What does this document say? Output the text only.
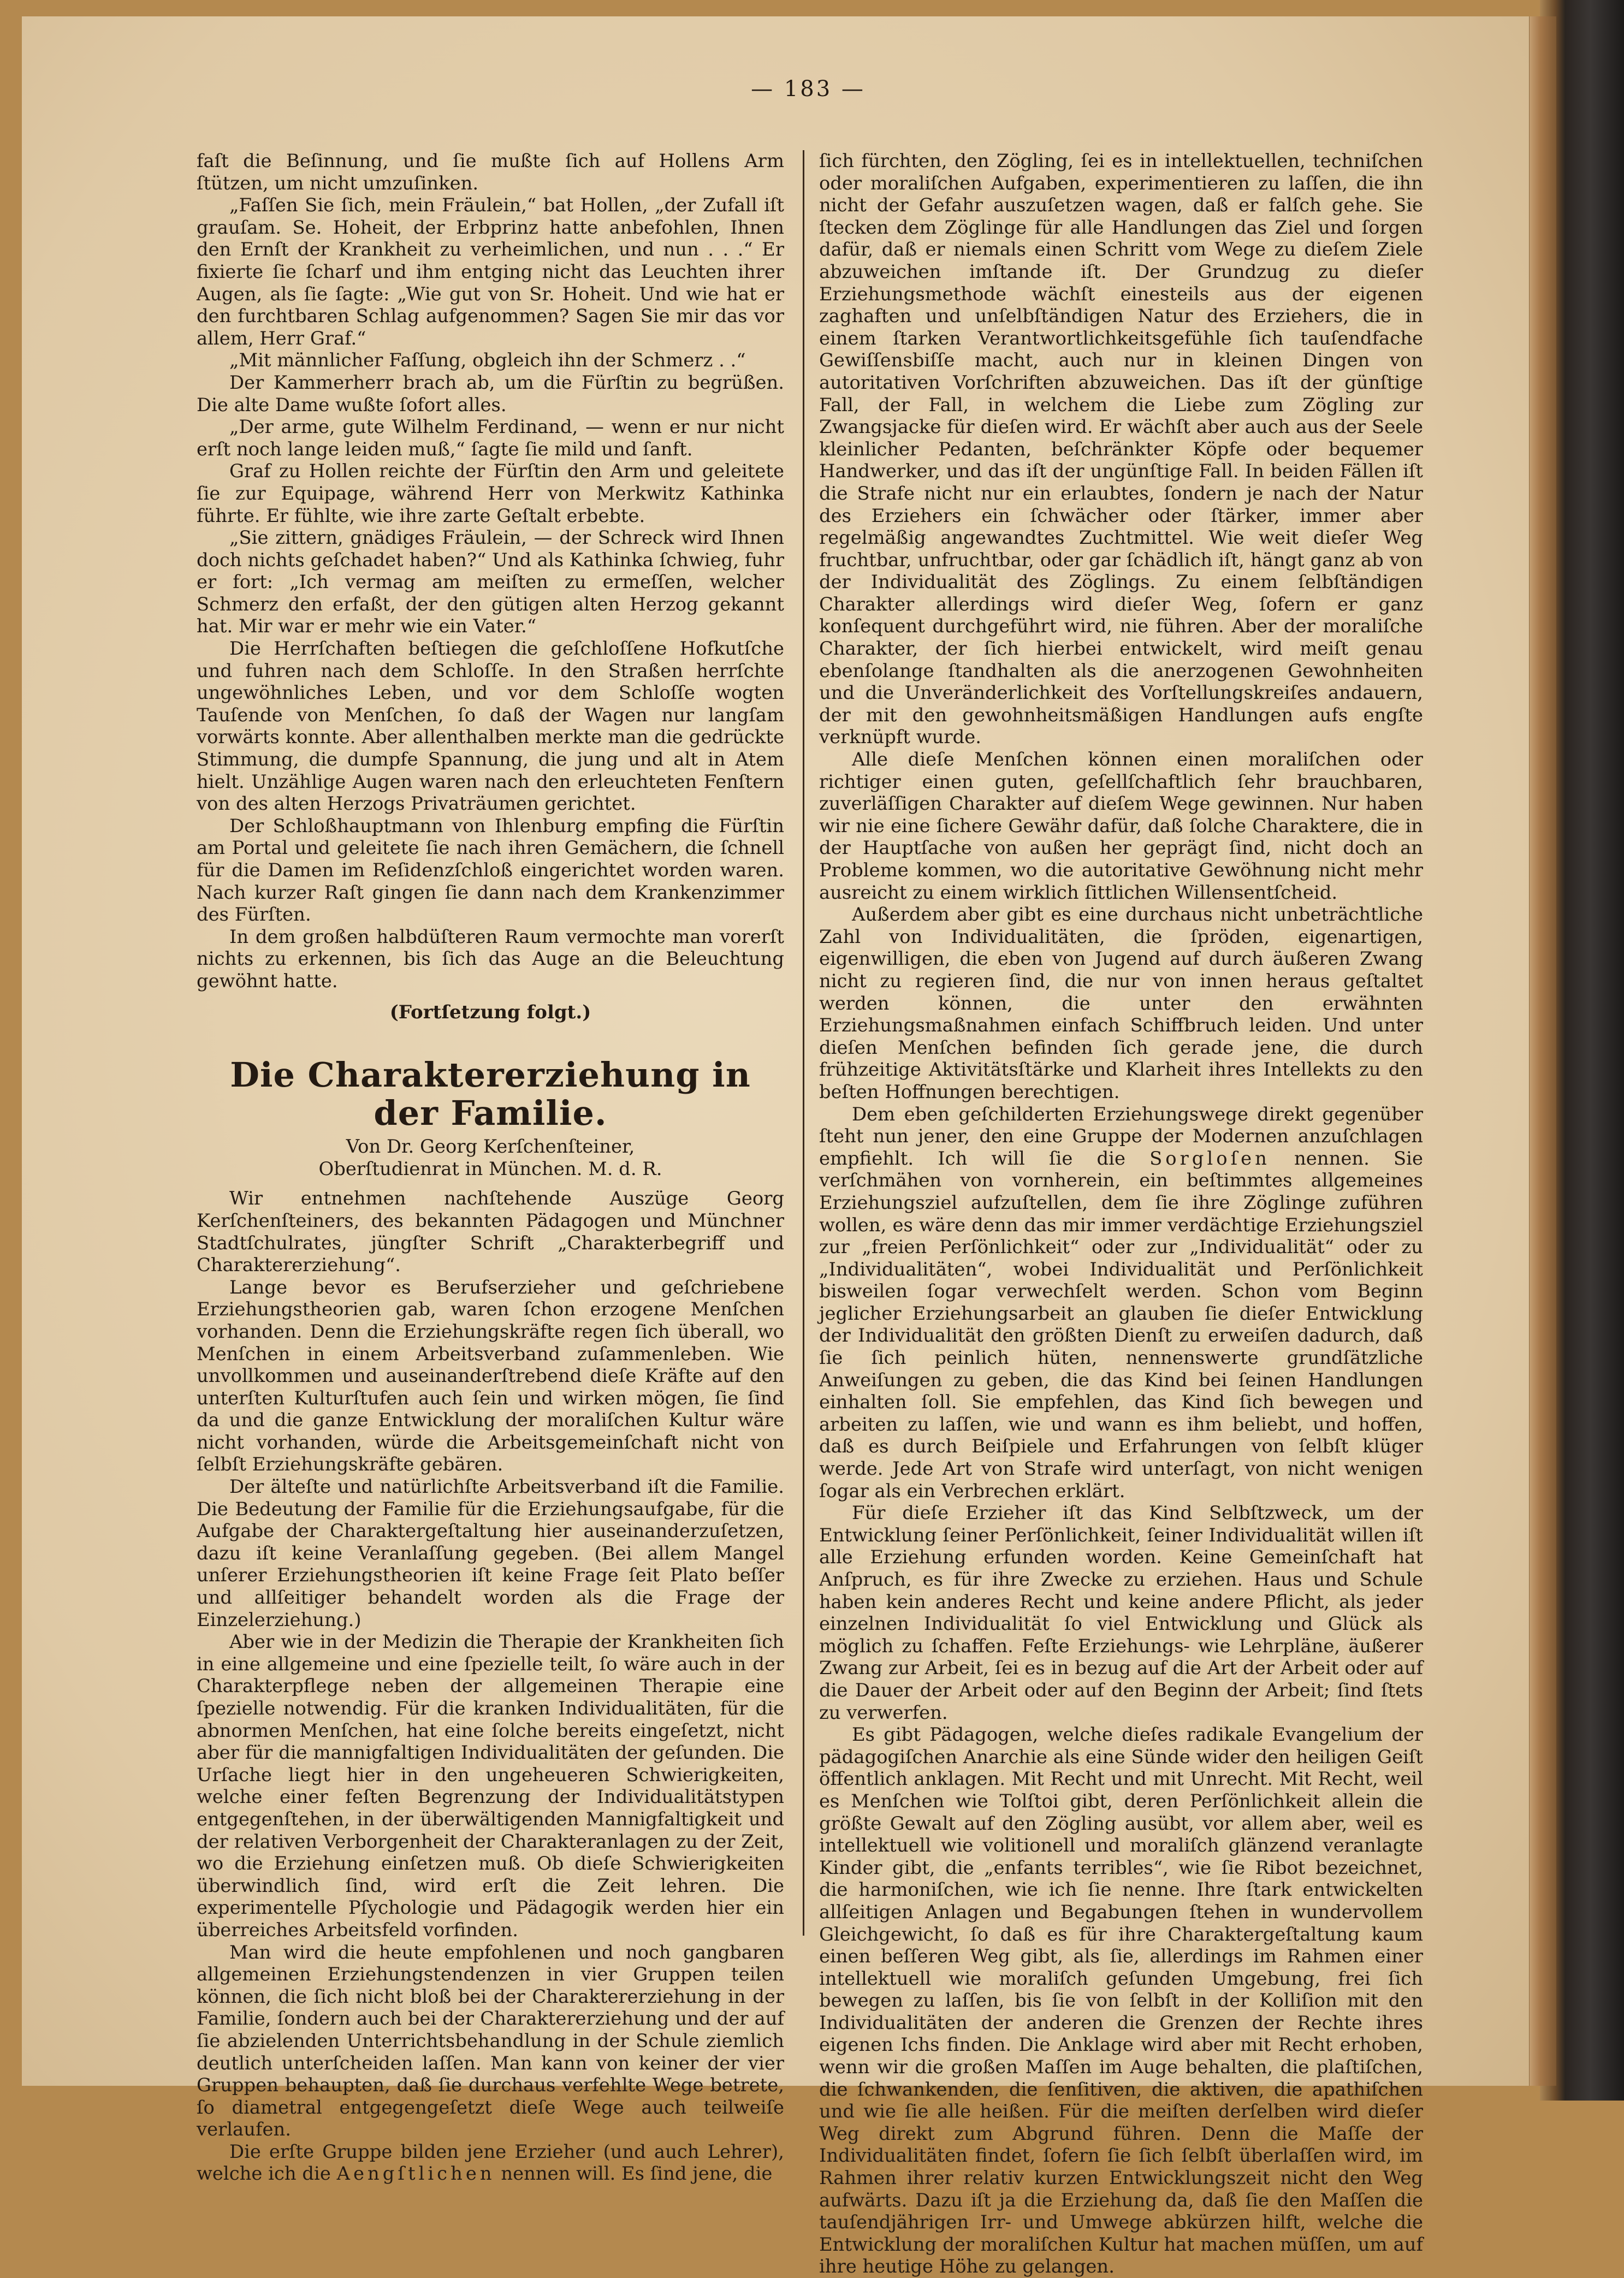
— 183 —

faſt die Beſinnung, und ſie mußte ſich auf Hollens Arm ſtützen, um nicht umzuſinken.

„Faſſen Sie ſich, mein Fräulein,“ bat Hollen, „der Zufall iſt grauſam. Se. Hoheit, der Erbprinz hatte anbefohlen, Ihnen den Ernſt der Krankheit zu verheimlichen, und nun . . .“ Er fixierte ſie ſcharf und ihm entging nicht das Leuchten ihrer Augen, als ſie ſagte: „Wie gut von Sr. Hoheit. Und wie hat er den furchtbaren Schlag aufgenommen? Sagen Sie mir das vor allem, Herr Graf.“

„Mit männlicher Faſſung, obgleich ihn der Schmerz . .“

Der Kammerherr brach ab, um die Fürſtin zu begrüßen. Die alte Dame wußte ſofort alles.

„Der arme, gute Wilhelm Ferdinand, — wenn er nur nicht erſt noch lange leiden muß,“ ſagte ſie mild und ſanft.

Graf zu Hollen reichte der Fürſtin den Arm und geleitete ſie zur Equipage, während Herr von Merkwitz Kathinka führte. Er fühlte, wie ihre zarte Geſtalt erbebte.

„Sie zittern, gnädiges Fräulein, — der Schreck wird Ihnen doch nichts geſchadet haben?“ Und als Kathinka ſchwieg, fuhr er fort: „Ich vermag am meiſten zu ermeſſen, welcher Schmerz den erfaßt, der den gütigen alten Herzog gekannt hat. Mir war er mehr wie ein Vater.“

Die Herrſchaften beſtiegen die geſchloſſene Hofkutſche und fuhren nach dem Schloſſe. In den Straßen herrſchte ungewöhnliches Leben, und vor dem Schloſſe wogten Tauſende von Menſchen, ſo daß der Wagen nur langſam vorwärts konnte. Aber allenthalben merkte man die gedrückte Stimmung, die dumpfe Spannung, die jung und alt in Atem hielt. Unzählige Augen waren nach den erleuchteten Fenſtern von des alten Herzogs Privaträumen gerichtet.

Der Schloßhauptmann von Ihlenburg empfing die Fürſtin am Portal und geleitete ſie nach ihren Gemächern, die ſchnell für die Damen im Reſidenzſchloß eingerichtet worden waren. Nach kurzer Raſt gingen ſie dann nach dem Krankenzimmer des Fürſten.

In dem großen halbdüſteren Raum vermochte man vorerſt nichts zu erkennen, bis ſich das Auge an die Beleuchtung gewöhnt hatte.

(Fortſetzung folgt.)

Die Charaktererziehung in der Familie.

Von Dr. Georg Kerſchenſteiner,

Oberſtudienrat in München. M. d. R.

Wir entnehmen nachſtehende Auszüge Georg Kerſchenſteiners, des bekannten Pädagogen und Münchner Stadtſchulrates, jüngſter Schrift „Charakterbegriff und Charaktererziehung“.

Lange bevor es Berufserzieher und geſchriebene Erziehungstheorien gab, waren ſchon erzogene Menſchen vorhanden. Denn die Erziehungskräfte regen ſich überall, wo Menſchen in einem Arbeitsverband zuſammenleben. Wie unvollkommen und auseinanderſtrebend dieſe Kräfte auf den unterſten Kulturſtufen auch ſein und wirken mögen, ſie ſind da und die ganze Entwicklung der moraliſchen Kultur wäre nicht vorhanden, würde die Arbeitsgemeinſchaft nicht von ſelbſt Erziehungskräfte gebären.

Der älteſte und natürlichſte Arbeitsverband iſt die Familie. Die Bedeutung der Familie für die Erziehungsaufgabe, für die Aufgabe der Charaktergeſtaltung hier auseinanderzuſetzen, dazu iſt keine Veranlaſſung gegeben. (Bei allem Mangel unſerer Erziehungstheorien iſt keine Frage ſeit Plato beſſer und allſeitiger behandelt worden als die Frage der Einzelerziehung.)

Aber wie in der Medizin die Therapie der Krankheiten ſich in eine allgemeine und eine ſpezielle teilt, ſo wäre auch in der Charakterpflege neben der allgemeinen Therapie eine ſpezielle notwendig. Für die kranken Individualitäten, für die abnormen Menſchen, hat eine ſolche bereits eingeſetzt, nicht aber für die mannigfaltigen Individualitäten der geſunden. Die Urſache liegt hier in den ungeheueren Schwierigkeiten, welche einer feſten Begrenzung der Individualitätstypen entgegenſtehen, in der überwältigenden Mannigfaltigkeit und der relativen Verborgenheit der Charakteranlagen zu der Zeit, wo die Erziehung einſetzen muß. Ob dieſe Schwierigkeiten überwindlich ſind, wird erſt die Zeit lehren. Die experimentelle Pſychologie und Pädagogik werden hier ein überreiches Arbeitsfeld vorfinden.

Man wird die heute empfohlenen und noch gangbaren allgemeinen Erziehungstendenzen in vier Gruppen teilen können, die ſich nicht bloß bei der Charaktererziehung in der Familie, ſondern auch bei der Charaktererziehung und der auf ſie abzielenden Unterrichtsbehandlung in der Schule ziemlich deutlich unterſcheiden laſſen. Man kann von keiner der vier Gruppen behaupten, daß ſie durchaus verfehlte Wege betrete, ſo diametral entgegengeſetzt dieſe Wege auch teilweiſe verlaufen.

Die erſte Gruppe bilden jene Erzieher (und auch Lehrer), welche ich die Aengſtlichen nennen will. Es ſind jene, die

ſich fürchten, den Zögling, ſei es in intellektuellen, techniſchen oder moraliſchen Aufgaben, experimentieren zu laſſen, die ihn nicht der Gefahr auszuſetzen wagen, daß er falſch gehe. Sie ſtecken dem Zöglinge für alle Handlungen das Ziel und ſorgen dafür, daß er niemals einen Schritt vom Wege zu dieſem Ziele abzuweichen imſtande iſt. Der Grundzug zu dieſer Erziehungsmethode wächſt einesteils aus der eigenen zaghaften und unſelbſtändigen Natur des Erziehers, die in einem ſtarken Verantwortlichkeitsgefühle ſich tauſendfache Gewiſſensbiſſe macht, auch nur in kleinen Dingen von autoritativen Vorſchriften abzuweichen. Das iſt der günſtige Fall, der Fall, in welchem die Liebe zum Zögling zur Zwangsjacke für dieſen wird. Er wächſt aber auch aus der Seele kleinlicher Pedanten, beſchränkter Köpfe oder bequemer Handwerker, und das iſt der ungünſtige Fall. In beiden Fällen iſt die Strafe nicht nur ein erlaubtes, ſondern je nach der Natur des Erziehers ein ſchwächer oder ſtärker, immer aber regelmäßig angewandtes Zuchtmittel. Wie weit dieſer Weg fruchtbar, unfruchtbar, oder gar ſchädlich iſt, hängt ganz ab von der Individualität des Zöglings. Zu einem ſelbſtändigen Charakter allerdings wird dieſer Weg, ſofern er ganz konſequent durchgeführt wird, nie führen. Aber der moraliſche Charakter, der ſich hierbei entwickelt, wird meiſt genau ebenſolange ſtandhalten als die anerzogenen Gewohnheiten und die Unveränderlichkeit des Vorſtellungskreiſes andauern, der mit den gewohnheitsmäßigen Handlungen aufs engſte verknüpft wurde.

Alle dieſe Menſchen können einen moraliſchen oder richtiger einen guten, geſellſchaftlich ſehr brauchbaren, zuverläſſigen Charakter auf dieſem Wege gewinnen. Nur haben wir nie eine ſichere Gewähr dafür, daß ſolche Charaktere, die in der Hauptſache von außen her geprägt ſind, nicht doch an Probleme kommen, wo die autoritative Gewöhnung nicht mehr ausreicht zu einem wirklich ſittlichen Willensentſcheid.

Außerdem aber gibt es eine durchaus nicht unbeträchtliche Zahl von Individualitäten, die ſpröden, eigenartigen, eigenwilligen, die eben von Jugend auf durch äußeren Zwang nicht zu regieren ſind, die nur von innen heraus geſtaltet werden können, die unter den erwähnten Erziehungsmaßnahmen einfach Schiffbruch leiden. Und unter dieſen Menſchen befinden ſich gerade jene, die durch frühzeitige Aktivitätsſtärke und Klarheit ihres Intellekts zu den beſten Hoffnungen berechtigen.

Dem eben geſchilderten Erziehungswege direkt gegenüber ſteht nun jener, den eine Gruppe der Modernen anzuſchlagen empfiehlt. Ich will ſie die Sorgloſen nennen. Sie verſchmähen von vornherein, ein beſtimmtes allgemeines Erziehungsziel aufzuſtellen, dem ſie ihre Zöglinge zuführen wollen, es wäre denn das mir immer verdächtige Erziehungsziel zur „freien Perſönlichkeit“ oder zur „Individualität“ oder zu „Individualitäten“, wobei Individualität und Perſönlichkeit bisweilen ſogar verwechſelt werden. Schon vom Beginn jeglicher Erziehungsarbeit an glauben ſie dieſer Entwicklung der Individualität den größten Dienſt zu erweiſen dadurch, daß ſie ſich peinlich hüten, nennenswerte grundſätzliche Anweiſungen zu geben, die das Kind bei ſeinen Handlungen einhalten ſoll. Sie empfehlen, das Kind ſich bewegen und arbeiten zu laſſen, wie und wann es ihm beliebt, und hoffen, daß es durch Beiſpiele und Erfahrungen von ſelbſt klüger werde. Jede Art von Strafe wird unterſagt, von nicht wenigen ſogar als ein Verbrechen erklärt.

Für dieſe Erzieher iſt das Kind Selbſtzweck, um der Entwicklung ſeiner Perſönlichkeit, ſeiner Individualität willen iſt alle Erziehung erfunden worden. Keine Gemeinſchaft hat Anſpruch, es für ihre Zwecke zu erziehen. Haus und Schule haben kein anderes Recht und keine andere Pflicht, als jeder einzelnen Individualität ſo viel Entwicklung und Glück als möglich zu ſchaffen. Feſte Erziehungs- wie Lehrpläne, äußerer Zwang zur Arbeit, ſei es in bezug auf die Art der Arbeit oder auf die Dauer der Arbeit oder auf den Beginn der Arbeit; ſind ſtets zu verwerfen.

Es gibt Pädagogen, welche dieſes radikale Evangelium der pädagogiſchen Anarchie als eine Sünde wider den heiligen Geiſt öffentlich anklagen. Mit Recht und mit Unrecht. Mit Recht, weil es Menſchen wie Tolſtoi gibt, deren Perſönlichkeit allein die größte Gewalt auf den Zögling ausübt, vor allem aber, weil es intellektuell wie volitionell und moraliſch glänzend veranlagte Kinder gibt, die „enfants terribles“, wie ſie Ribot bezeichnet, die harmoniſchen, wie ich ſie nenne. Ihre ſtark entwickelten allſeitigen Anlagen und Begabungen ſtehen in wundervollem Gleichgewicht, ſo daß es für ihre Charaktergeſtaltung kaum einen beſſeren Weg gibt, als ſie, allerdings im Rahmen einer intellektuell wie moraliſch geſunden Umgebung, frei ſich bewegen zu laſſen, bis ſie von ſelbſt in der Kolliſion mit den Individualitäten der anderen die Grenzen der Rechte ihres eigenen Ichs finden. Die Anklage wird aber mit Recht erhoben, wenn wir die großen Maſſen im Auge behalten, die plaſtiſchen, die ſchwankenden, die ſenſitiven, die aktiven, die apathiſchen und wie ſie alle heißen. Für die meiſten derſelben wird dieſer Weg direkt zum Abgrund führen. Denn die Maſſe der Individualitäten findet, ſofern ſie ſich ſelbſt überlaſſen wird, im Rahmen ihrer relativ kurzen Entwicklungszeit nicht den Weg aufwärts. Dazu iſt ja die Erziehung da, daß ſie den Maſſen die tauſendjährigen Irr- und Umwege abkürzen hilft, welche die Entwicklung der moraliſchen Kultur hat machen müſſen, um auf ihre heutige Höhe zu gelangen.
